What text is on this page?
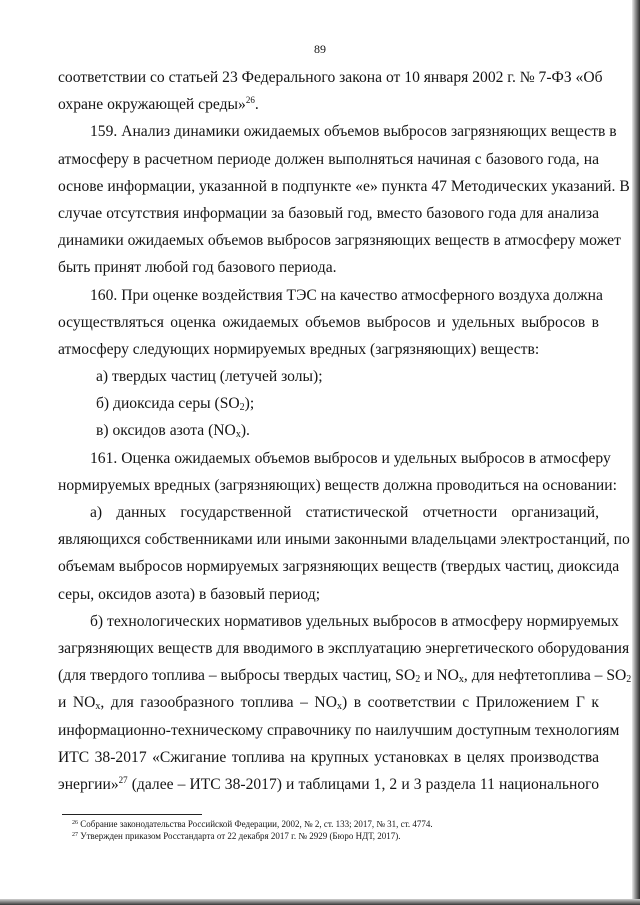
89
соответствии со статьей 23 Федерального закона от 10 января 2002 г. № 7-ФЗ «Об
охране окружающей среды»$^{26}$.
159. Анализ динамики ожидаемых объемов выбросов загрязняющих веществ в
атмосферу в расчетном периоде должен выполняться начиная с базового года, на
основе информации, указанной в подпункте «е» пункта 47 Методических указаний. В
случае отсутствия информации за базовый год, вместо базового года для анализа
динамики ожидаемых объемов выбросов загрязняющих веществ в атмосферу может
быть принят любой год базового периода.
160. При оценке воздействия ТЭС на качество атмосферного воздуха должна
осуществляться оценка ожидаемых объемов выбросов и удельных выбросов в
атмосферу следующих нормируемых вредных (загрязняющих) веществ:
а) твердых частиц (летучей золы);
б) диоксида серы $(SO_2)$;
в) оксидов азота $(NO_x)$.
161. Оценка ожидаемых объемов выбросов и удельных выбросов в атмосферу
нормируемых вредных (загрязняющих) веществ должна проводиться на основании:
а) данных государственной статистической отчетности организаций,
являющихся собственниками или иными законными владельцами электростанций, по
объемам выбросов нормируемых загрязняющих веществ (твердых частиц, диоксида
серы, оксидов азота) в базовый период;
б) технологических нормативов удельных выбросов в атмосферу нормируемых
загрязняющих веществ для вводимого в эксплуатацию энергетического оборудования
(для твердого топлива – выбросы твердых частиц, $SO_2$ и $NO_x$, для нефтетоплива – $SO_2$
и $NO_x$, для газообразного топлива – $NO_x$) в соответствии с Приложением Г к
информационно-техническому справочнику по наилучшим доступным технологиям
ИТС 38-2017 «Сжигание топлива на крупных установках в целях производства
энергии»$^{27}$ (далее – ИТС 38-2017) и таблицами 1, 2 и 3 раздела 11 национального
$^{26}$ Собрание законодательства Российской Федерации, 2002, № 2, ст. 133; 2017, № 31, ст. 4774.
$^{27}$ Утвержден приказом Росстандарта от 22 декабря 2017 г. № 2929 (Бюро НДТ, 2017).
